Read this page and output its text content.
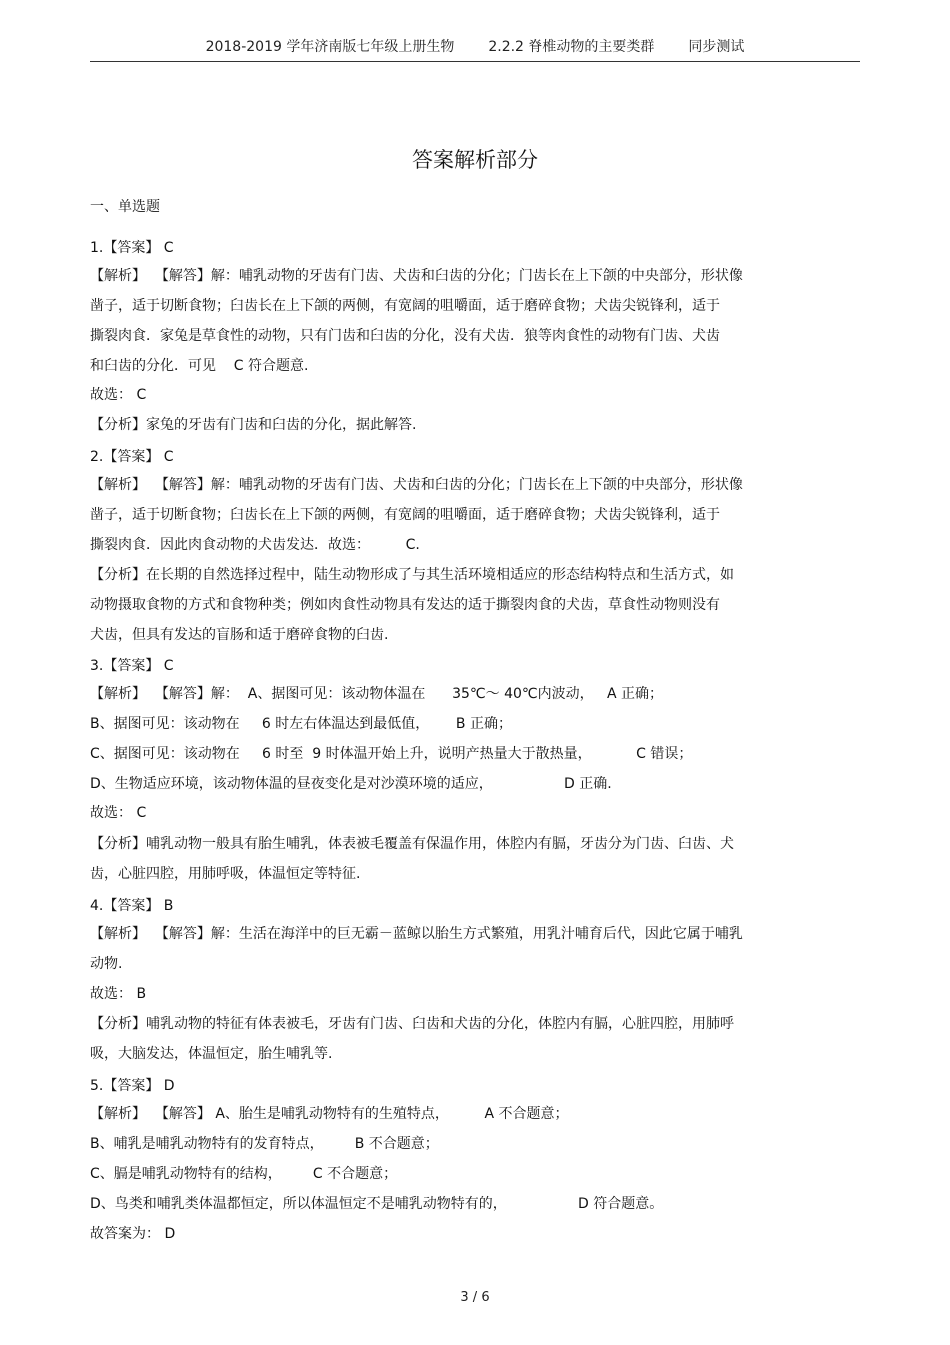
2018-2019 学年济南版七年级上册生物 2.2.2 脊椎动物的主要类群 同步测试
答案解析部分
一、单选题
1.【答案】 C
【解析】  【解答】解：哺乳动物的牙齿有门齿、犬齿和臼齿的分化；门齿长在上下颌的中央部分，形状像
凿子，适于切断食物；臼齿长在上下颌的两侧，有宽阔的咀嚼面，适于磨碎食物；犬齿尖锐锋利，适于
撕裂肉食．家兔是草食性的动物，只有门齿和臼齿的分化，没有犬齿．狼等肉食性的动物有门齿、犬齿
和臼齿的分化．可见    C 符合题意.
故选： C
【分析】家兔的牙齿有门齿和臼齿的分化，据此解答.
2.【答案】 C
【解析】  【解答】解：哺乳动物的牙齿有门齿、犬齿和臼齿的分化；门齿长在上下颌的中央部分，形状像
凿子，适于切断食物；臼齿长在上下颌的两侧，有宽阔的咀嚼面，适于磨碎食物；犬齿尖锐锋利，适于
撕裂肉食．因此肉食动物的犬齿发达．故选：        C.
【分析】在长期的自然选择过程中，陆生动物形成了与其生活环境相适应的形态结构特点和生活方式，如
动物摄取食物的方式和食物种类；例如肉食性动物具有发达的适于撕裂肉食的犬齿，草食性动物则没有
犬齿，但具有发达的盲肠和适于磨碎食物的臼齿.
3.【答案】 C
【解析】  【解答】解：  A、据图可见：该动物体温在      35℃～ 40℃内波动，   A 正确；
B、据图可见：该动物在     6 时左右体温达到最低值，      B 正确；
C、据图可见：该动物在     6 时至  9 时体温开始上升，说明产热量大于散热量，          C 错误；
D、生物适应环境，该动物体温的昼夜变化是对沙漠环境的适应，                D 正确.
故选： C
【分析】哺乳动物一般具有胎生哺乳，体表被毛覆盖有保温作用，体腔内有膈，牙齿分为门齿、臼齿、犬
齿，心脏四腔，用肺呼吸，体温恒定等特征.
4.【答案】 B
【解析】  【解答】解：生活在海洋中的巨无霸－蓝鲸以胎生方式繁殖，用乳汁哺育后代，因此它属于哺乳
动物.
故选： B
【分析】哺乳动物的特征有体表被毛，牙齿有门齿、臼齿和犬齿的分化，体腔内有膈，心脏四腔，用肺呼
吸，大脑发达，体温恒定，胎生哺乳等.
5.【答案】 D
【解析】  【解答】 A、胎生是哺乳动物特有的生殖特点，        A 不合题意；
B、哺乳是哺乳动物特有的发育特点，       B 不合题意；
C、膈是哺乳动物特有的结构，       C 不合题意；
D、鸟类和哺乳类体温都恒定，所以体温恒定不是哺乳动物特有的，                D 符合题意。
故答案为： D
3 / 6
